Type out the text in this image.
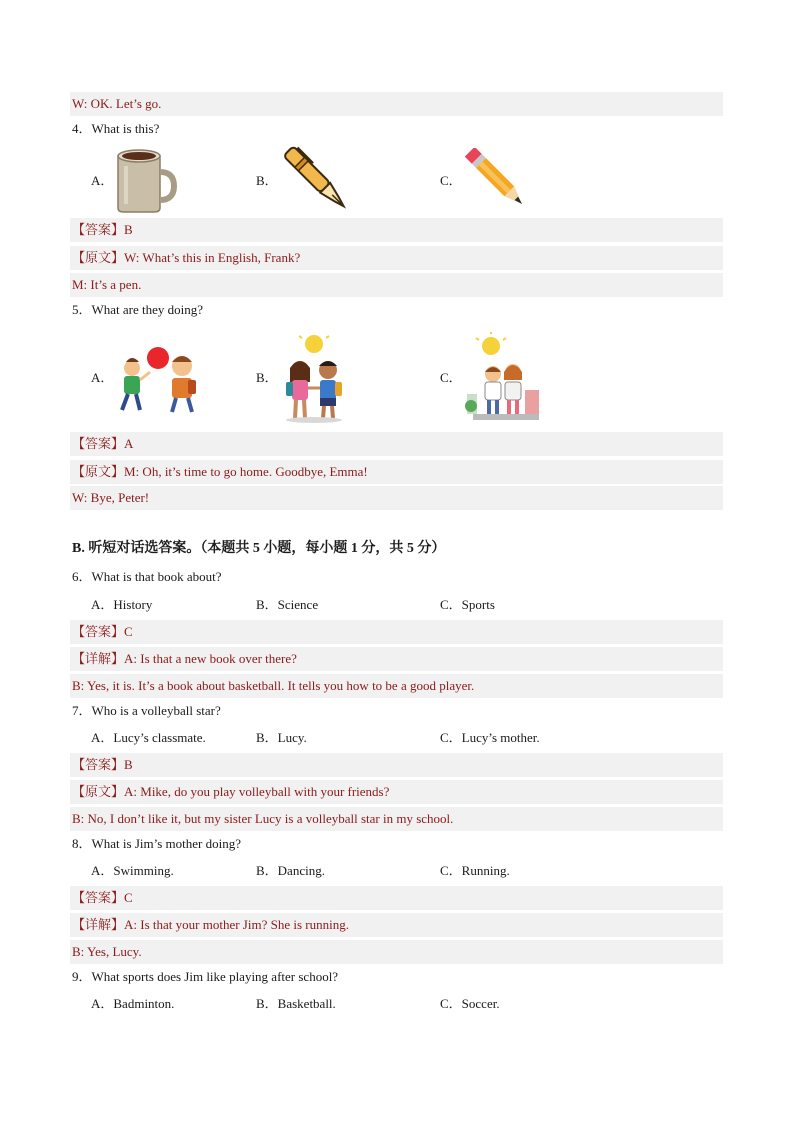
W: OK. Let’s go.
4．What is this?
A．	B．	C．
【答案】B
【原文】W: What’s this in English, Frank?
M: It’s a pen.
5．What are they doing?
A．	B．	C．
【答案】A
【原文】M: Oh, it’s time to go home. Goodbye, Emma!
W: Bye, Peter!
B. 听短对话选答案。（本题共 5 小题，每小题 1 分，共 5 分）
6．What is that book about?
A．History	B．Science	C．Sports
【答案】C
【详解】A: Is that a new book over there?
B: Yes, it is. It’s a book about basketball. It tells you how to be a good player.
7．Who is a volleyball star?
A．Lucy’s classmate.	B．Lucy.	C．Lucy’s mother.
【答案】B
【原文】A: Mike, do you play volleyball with your friends?
B: No, I don’t like it, but my sister Lucy is a volleyball star in my school.
8．What is Jim’s mother doing?
A．Swimming.	B．Dancing.	C．Running.
【答案】C
【详解】A: Is that your mother Jim? She is running.
B: Yes, Lucy.
9．What sports does Jim like playing after school?
A．Badminton.	B．Basketball.	C．Soccer.
